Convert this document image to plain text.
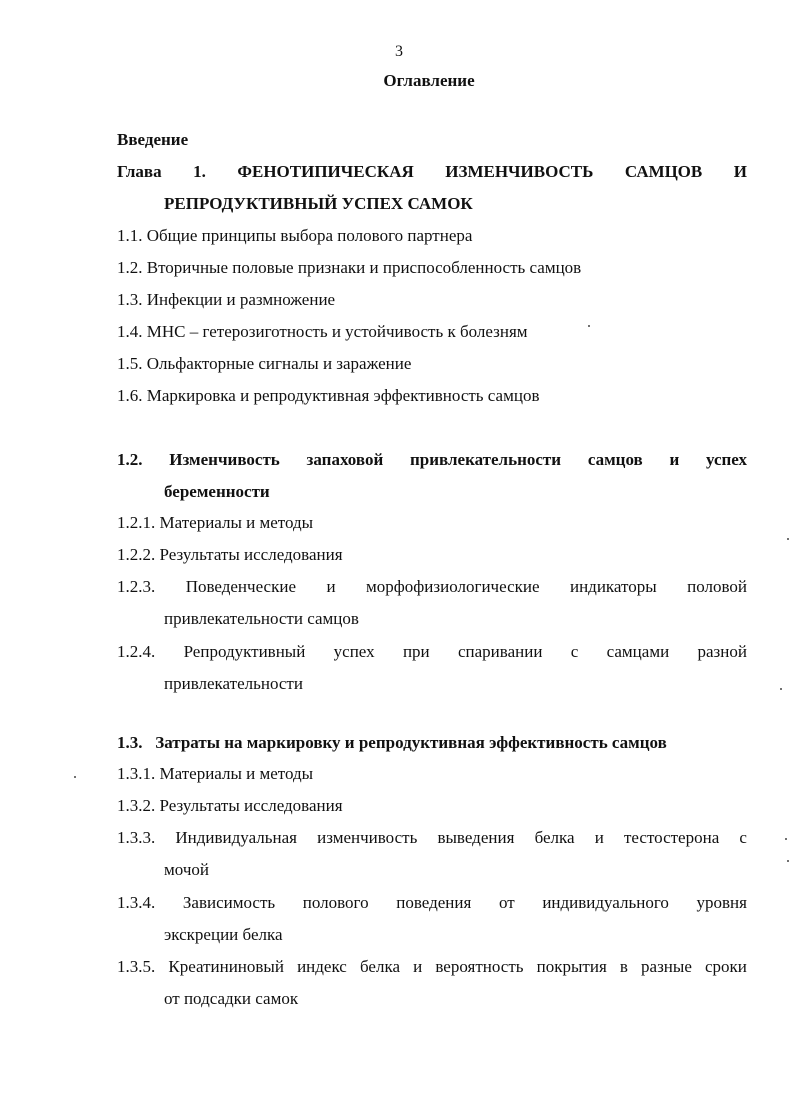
3
Оглавление
Введение
Глава 1. ФЕНОТИПИЧЕСКАЯ ИЗМЕНЧИВОСТЬ САМЦОВ И
РЕПРОДУКТИВНЫЙ УСПЕХ САМОК
1.1. Общие принципы выбора полового партнера
1.2. Вторичные половые признаки и приспособленность самцов
1.3. Инфекции и размножение
1.4. МНС – гетерозиготность и устойчивость к болезням
1.5. Ольфакторные сигналы и заражение
1.6. Маркировка и репродуктивная эффективность самцов
1.2. Изменчивость запаховой привлекательности самцов и успех
беременности
1.2.1. Материалы и методы
1.2.2. Результаты исследования
1.2.3. Поведенческие и морфофизиологические индикаторы половой
привлекательности самцов
1.2.4. Репродуктивный успех при спаривании с самцами разной
привлекательности
1.3.   Затраты на маркировку и репродуктивная эффективность самцов
1.3.1. Материалы и методы
1.3.2. Результаты исследования
1.3.3. Индивидуальная изменчивость выведения белка и тестостерона с
мочой
1.3.4. Зависимость полового поведения от индивидуального уровня
экскреции белка
1.3.5. Креатининовый индекс белка и вероятность покрытия в разные сроки
от подсадки самок
